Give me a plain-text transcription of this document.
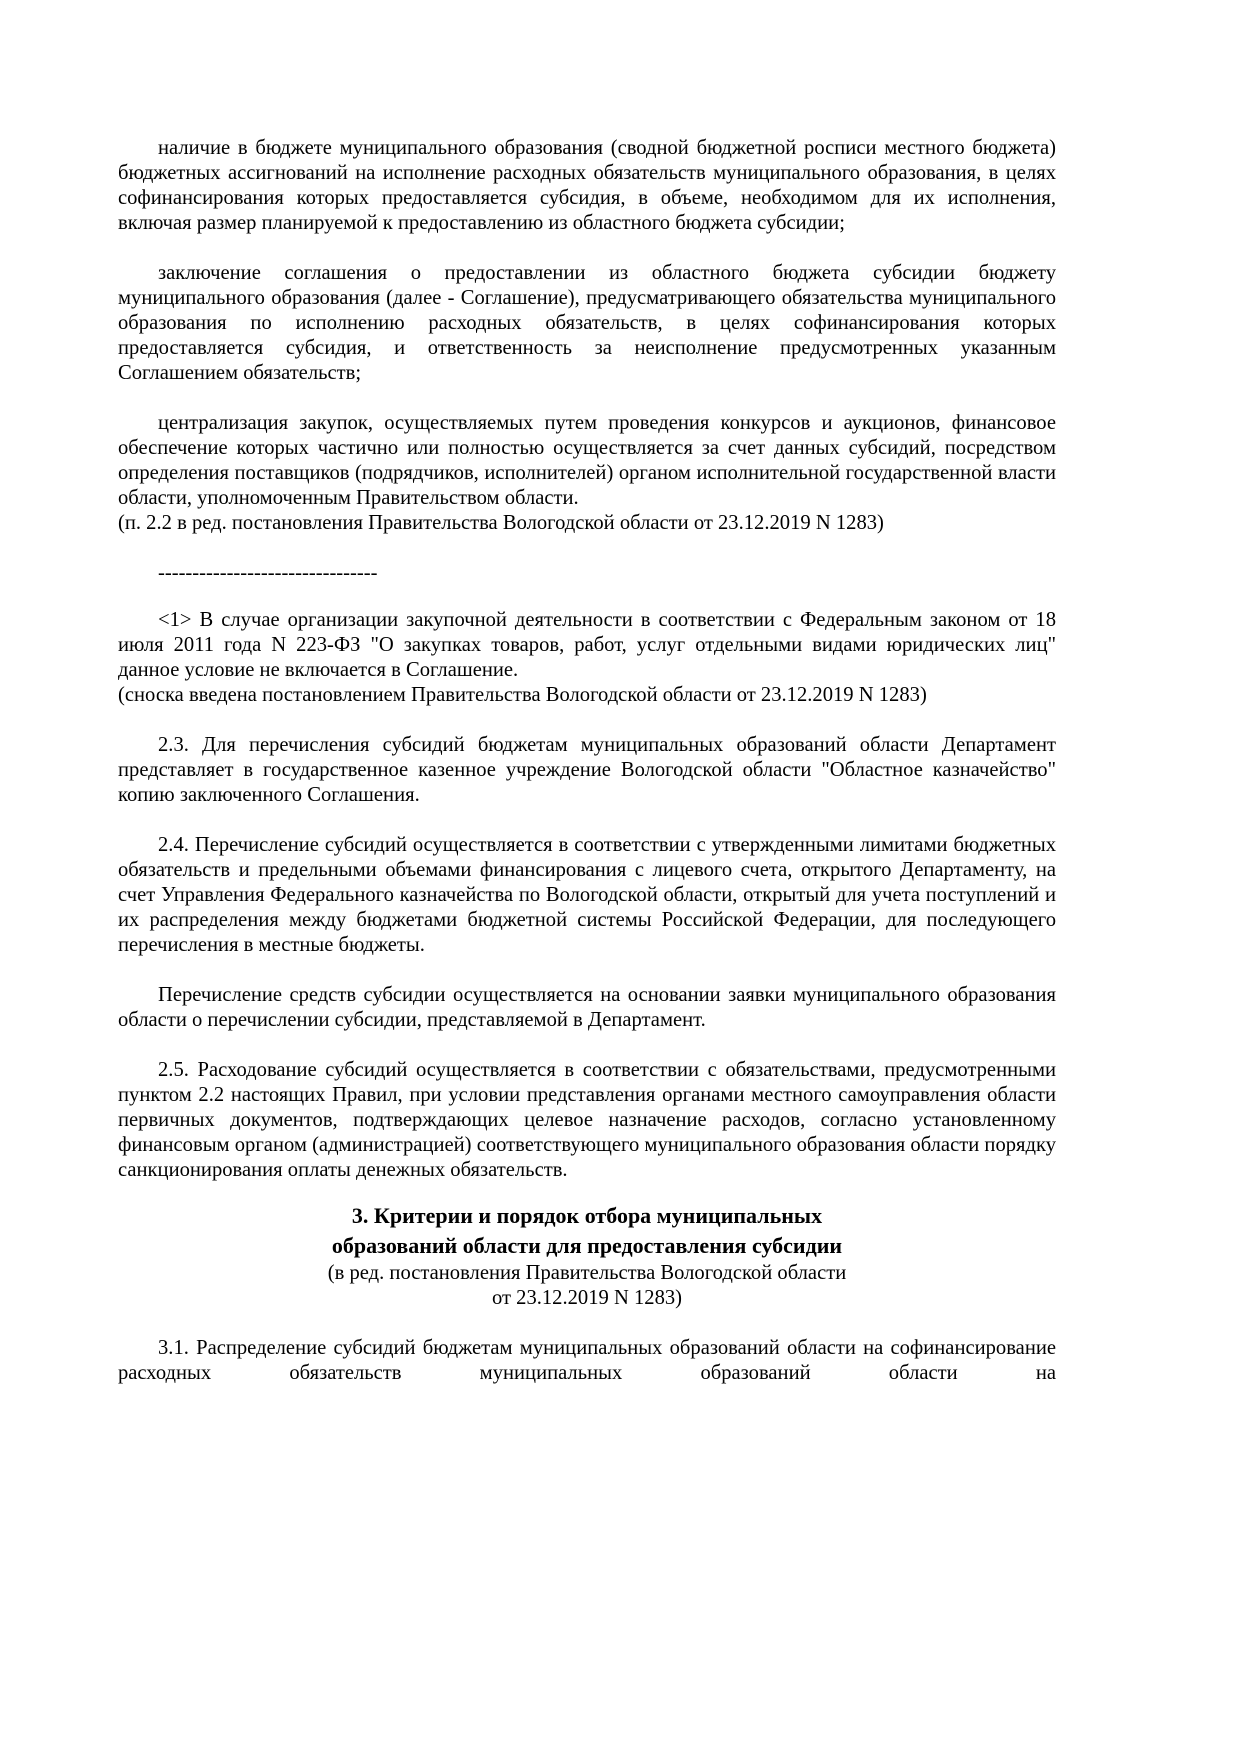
наличие в бюджете муниципального образования (сводной бюджетной росписи местного бюджета) бюджетных ассигнований на исполнение расходных обязательств муниципального образования, в целях софинансирования которых предоставляется субсидия, в объеме, необходимом для их исполнения, включая размер планируемой к предоставлению из областного бюджета субсидии;

заключение соглашения о предоставлении из областного бюджета субсидии бюджету муниципального образования (далее - Соглашение), предусматривающего обязательства муниципального образования по исполнению расходных обязательств, в целях софинансирования которых предоставляется субсидия, и ответственность за неисполнение предусмотренных указанным Соглашением обязательств;

централизация закупок, осуществляемых путем проведения конкурсов и аукционов, финансовое обеспечение которых частично или полностью осуществляется за счет данных субсидий, посредством определения поставщиков (подрядчиков, исполнителей) органом исполнительной государственной власти области, уполномоченным Правительством области.

(п. 2.2 в ред. постановления Правительства Вологодской области от 23.12.2019 N 1283)

--------------------------------

<1> В случае организации закупочной деятельности в соответствии с Федеральным законом от 18 июля 2011 года N 223-ФЗ "О закупках товаров, работ, услуг отдельными видами юридических лиц" данное условие не включается в Соглашение.

(сноска введена постановлением Правительства Вологодской области от 23.12.2019 N 1283)

2.3. Для перечисления субсидий бюджетам муниципальных образований области Департамент представляет в государственное казенное учреждение Вологодской области "Областное казначейство" копию заключенного Соглашения.

2.4. Перечисление субсидий осуществляется в соответствии с утвержденными лимитами бюджетных обязательств и предельными объемами финансирования с лицевого счета, открытого Департаменту, на счет Управления Федерального казначейства по Вологодской области, открытый для учета поступлений и их распределения между бюджетами бюджетной системы Российской Федерации, для последующего перечисления в местные бюджеты.

Перечисление средств субсидии осуществляется на основании заявки муниципального образования области о перечислении субсидии, представляемой в Департамент.

2.5. Расходование субсидий осуществляется в соответствии с обязательствами, предусмотренными пунктом 2.2 настоящих Правил, при условии представления органами местного самоуправления области первичных документов, подтверждающих целевое назначение расходов, согласно установленному финансовым органом (администрацией) соответствующего муниципального образования области порядку санкционирования оплаты денежных обязательств.

3. Критерии и порядок отбора муниципальных
образований области для предоставления субсидии
(в ред. постановления Правительства Вологодской области
от 23.12.2019 N 1283)

3.1. Распределение субсидий бюджетам муниципальных образований области на софинансирование расходных обязательств муниципальных образований области на
